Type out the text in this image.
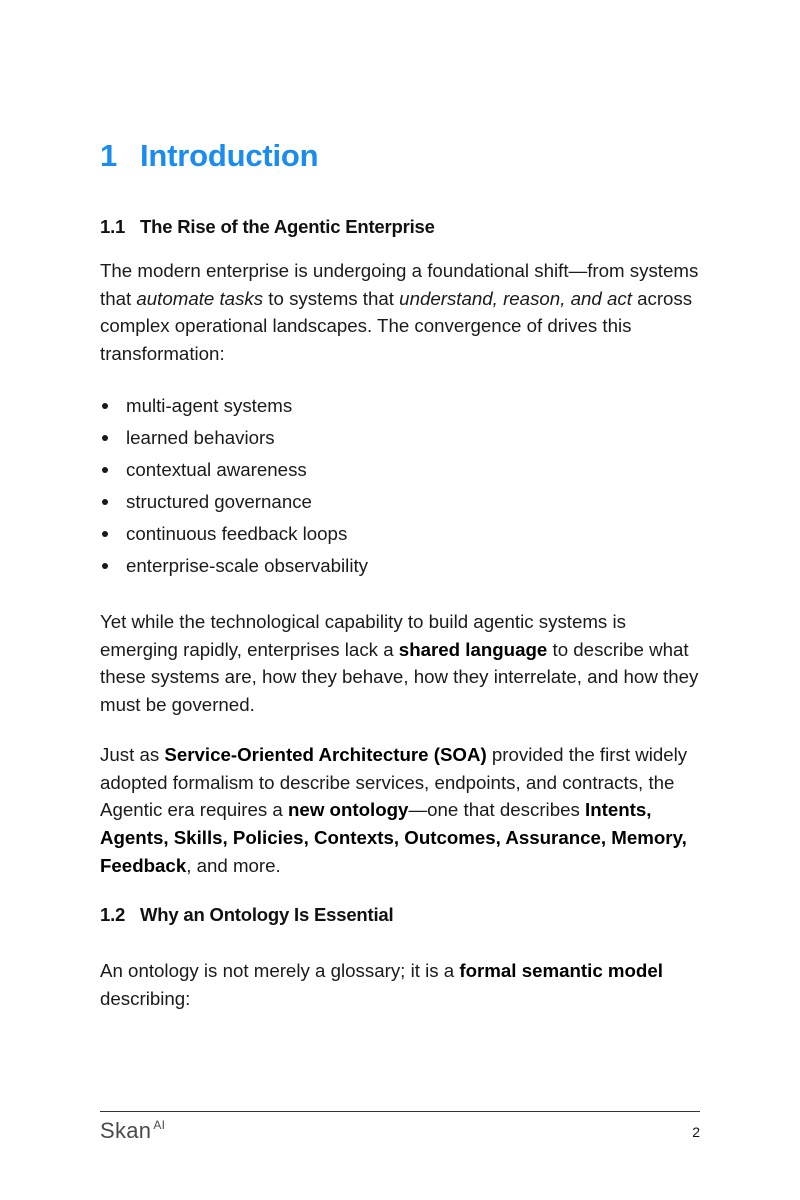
1 Introduction
1.1 The Rise of the Agentic Enterprise

The modern enterprise is undergoing a foundational shift—from systems that automate tasks to systems that understand, reason, and act across complex operational landscapes. The convergence of drives this transformation:

multi-agent systems
learned behaviors
contextual awareness
structured governance
continuous feedback loops
enterprise-scale observability

Yet while the technological capability to build agentic systems is emerging rapidly, enterprises lack a shared language to describe what these systems are, how they behave, how they interrelate, and how they must be governed.

Just as Service-Oriented Architecture (SOA) provided the first widely adopted formalism to describe services, endpoints, and contracts, the Agentic era requires a new ontology—one that describes Intents, Agents, Skills, Policies, Contexts, Outcomes, Assurance, Memory, Feedback, and more.

1.2 Why an Ontology Is Essential

An ontology is not merely a glossary; it is a formal semantic model describing:

Skan $^{AI}$	2
